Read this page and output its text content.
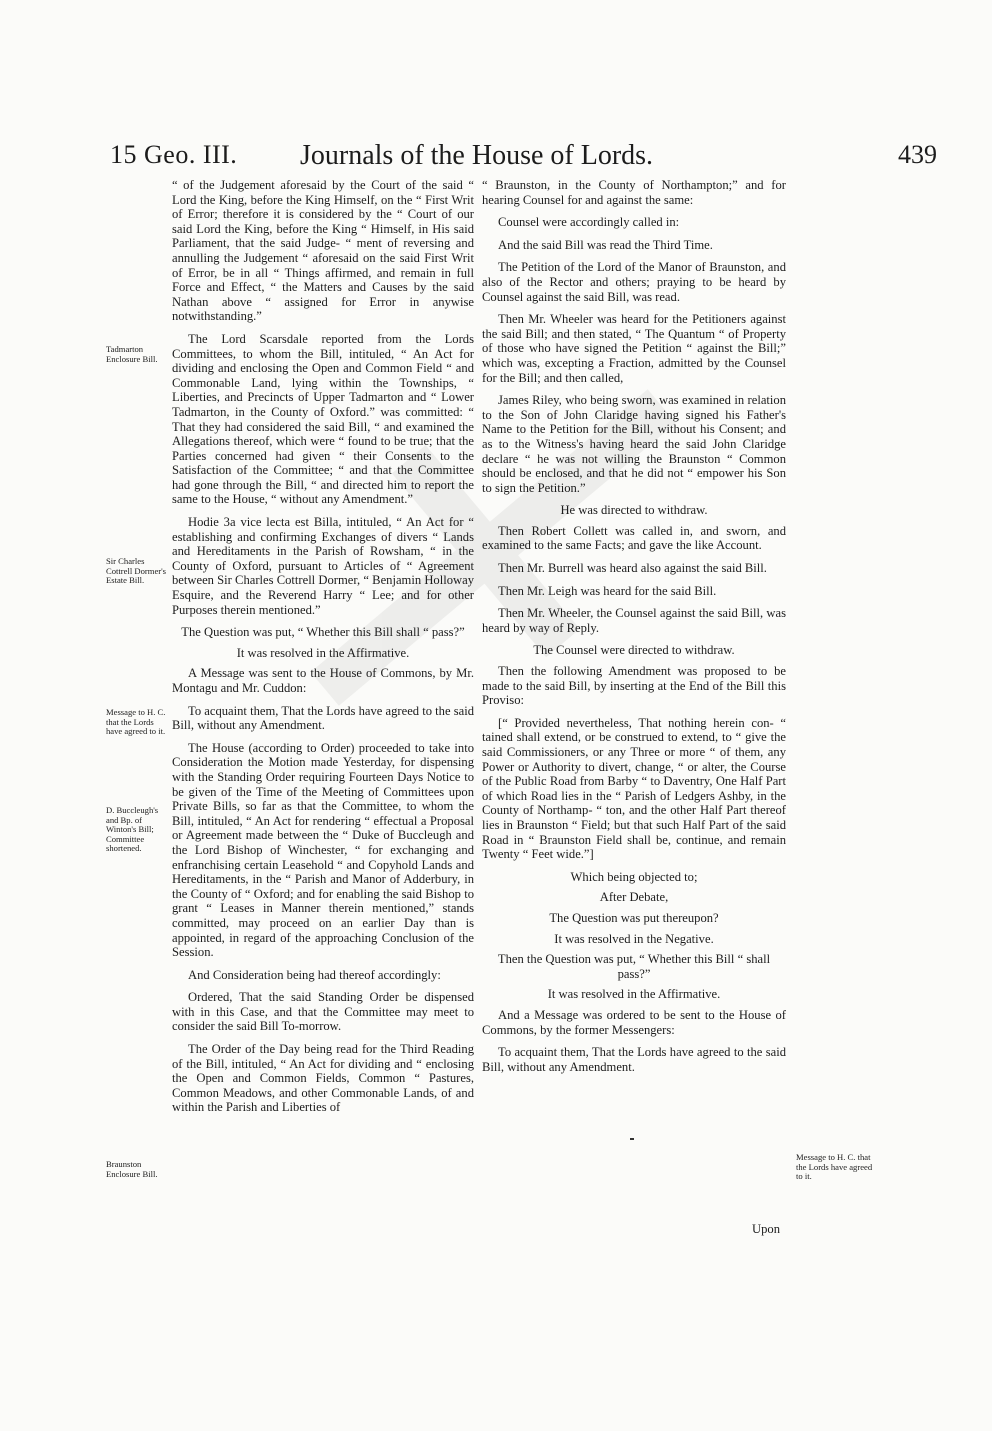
15 Geo. III. Journals of the House of Lords.	439

“ of the Judgement aforesaid by the Court of the said “ Lord the King, before the King Himself, on the “ First Writ of Error; therefore it is considered by the “ Court of our said Lord the King, before the King “ Himself, in His said Parliament, that the said Judge- “ ment of reversing and annulling the Judgement “ aforesaid on the said First Writ of Error, be in all “ Things affirmed, and remain in full Force and Effect, “ the Matters and Causes by the said Nathan above “ assigned for Error in anywise notwithstanding.”

The Lord Scarsdale reported from the Lords Committees, to whom the Bill, intituled, “ An Act for dividing and enclosing the Open and Common Field “ and Commonable Land, lying within the Townships, “ Liberties, and Precincts of Upper Tadmarton and “ Lower Tadmarton, in the County of Oxford.” was committed: “ That they had considered the said Bill, “ and examined the Allegations thereof, which were “ found to be true; that the Parties concerned had given “ their Consents to the Satisfaction of the Committee; “ and that the Committee had gone through the Bill, “ and directed him to report the same to the House, “ without any Amendment.”

Hodie 3a vice lecta est Billa, intituled, “ An Act for “ establishing and confirming Exchanges of divers “ Lands and Hereditaments in the Parish of Rowsham, “ in the County of Oxford, pursuant to Articles of “ Agreement between Sir Charles Cottrell Dormer, “ Benjamin Holloway Esquire, and the Reverend Harry “ Lee; and for other Purposes therein mentioned.”

The Question was put, “ Whether this Bill shall “ pass?”

It was resolved in the Affirmative.

A Message was sent to the House of Commons, by Mr. Montagu and Mr. Cuddon:

To acquaint them, That the Lords have agreed to the said Bill, without any Amendment.

The House (according to Order) proceeded to take into Consideration the Motion made Yesterday, for dispensing with the Standing Order requiring Fourteen Days Notice to be given of the Time of the Meeting of Committees upon Private Bills, so far as that the Committee, to whom the Bill, intituled, “ An Act for rendering “ effectual a Proposal or Agreement made between the “ Duke of Buccleugh and the Lord Bishop of Winchester, “ for exchanging and enfranchising certain Leasehold “ and Copyhold Lands and Hereditaments, in the “ Parish and Manor of Adderbury, in the County of “ Oxford; and for enabling the said Bishop to grant “ Leases in Manner therein mentioned,” stands committed, may proceed on an earlier Day than is appointed, in regard of the approaching Conclusion of the Session.

And Consideration being had thereof accordingly:

Ordered, That the said Standing Order be dispensed with in this Case, and that the Committee may meet to consider the said Bill To-morrow.

The Order of the Day being read for the Third Reading of the Bill, intituled, “ An Act for dividing and “ enclosing the Open and Common Fields, Common “ Pastures, Common Meadows, and other Commonable Lands, of and within the Parish and Liberties of

“ Braunston, in the County of Northampton;” and for hearing Counsel for and against the same:

Counsel were accordingly called in:

And the said Bill was read the Third Time.

The Petition of the Lord of the Manor of Braunston, and also of the Rector and others; praying to be heard by Counsel against the said Bill, was read.

Then Mr. Wheeler was heard for the Petitioners against the said Bill; and then stated, “ The Quantum “ of Property of those who have signed the Petition “ against the Bill;” which was, excepting a Fraction, admitted by the Counsel for the Bill; and then called,

James Riley, who being sworn, was examined in relation to the Son of John Claridge having signed his Father's Name to the Petition for the Bill, without his Consent; and as to the Witness's having heard the said John Claridge declare “ he was not willing the Braunston “ Common should be enclosed, and that he did not “ empower his Son to sign the Petition.”

He was directed to withdraw.

Then Robert Collett was called in, and sworn, and examined to the same Facts; and gave the like Account.

Then Mr. Burrell was heard also against the said Bill.

Then Mr. Leigh was heard for the said Bill.

Then Mr. Wheeler, the Counsel against the said Bill, was heard by way of Reply.

The Counsel were directed to withdraw.

Then the following Amendment was proposed to be made to the said Bill, by inserting at the End of the Bill this Proviso:

[“ Provided nevertheless, That nothing herein con- “ tained shall extend, or be construed to extend, to “ give the said Commissioners, or any Three or more “ of them, any Power or Authority to divert, change, “ or alter, the Course of the Public Road from Barby “ to Daventry, One Half Part of which Road lies in the “ Parish of Ledgers Ashby, in the County of Northamp- “ ton, and the other Half Part thereof lies in Braunston “ Field; but that such Half Part of the said Road in “ Braunston Field shall be, continue, and remain Twenty “ Feet wide.”]

Which being objected to;

After Debate,

The Question was put thereupon?

It was resolved in the Negative.

Then the Question was put, “ Whether this Bill “ shall pass?”

It was resolved in the Affirmative.

And a Message was ordered to be sent to the House of Commons, by the former Messengers:

To acquaint them, That the Lords have agreed to the said Bill, without any Amendment.

Tadmarton Enclosure Bill.
Sir Charles Cottrell Dormer's Estate Bill.
Message to H. C. that the Lords have agreed to it.
D. Buccleugh's and Bp. of Winton's Bill; Committee shortened.
Braunston Enclosure Bill.
Message to H. C. that the Lords have agreed to it.
Upon
